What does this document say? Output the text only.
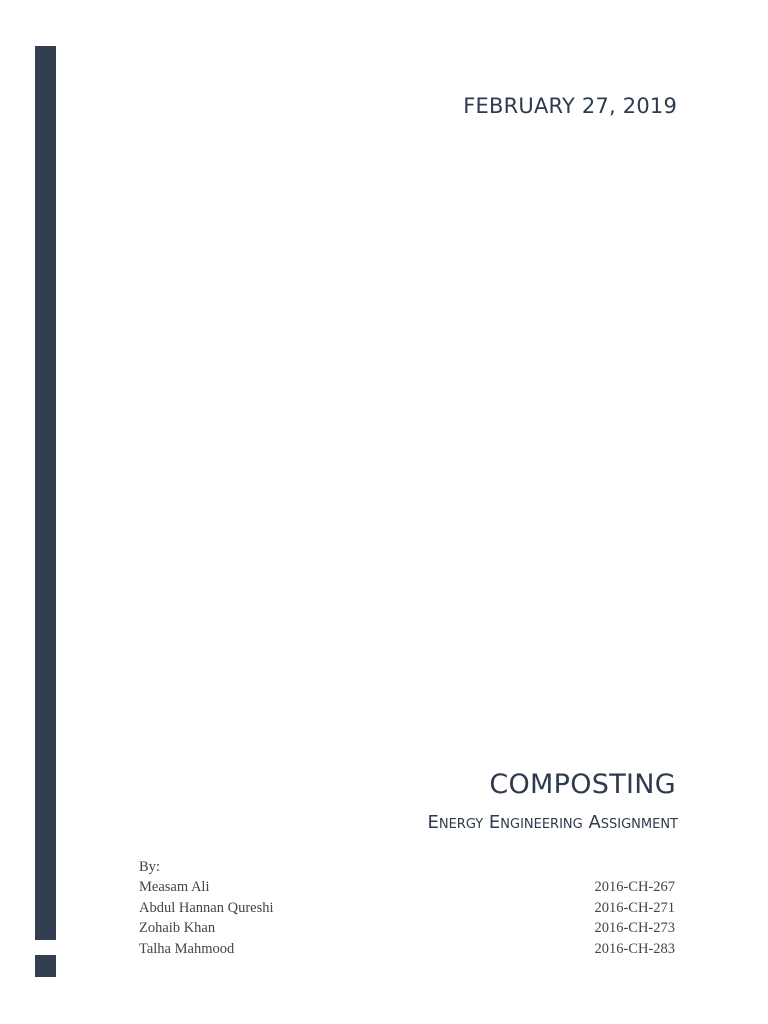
FEBRUARY 27, 2019
COMPOSTING
Energy Engineering Assignment
By:
Measam Ali	2016-CH-267
Abdul Hannan Qureshi	2016-CH-271
Zohaib Khan	2016-CH-273
Talha Mahmood	2016-CH-283
